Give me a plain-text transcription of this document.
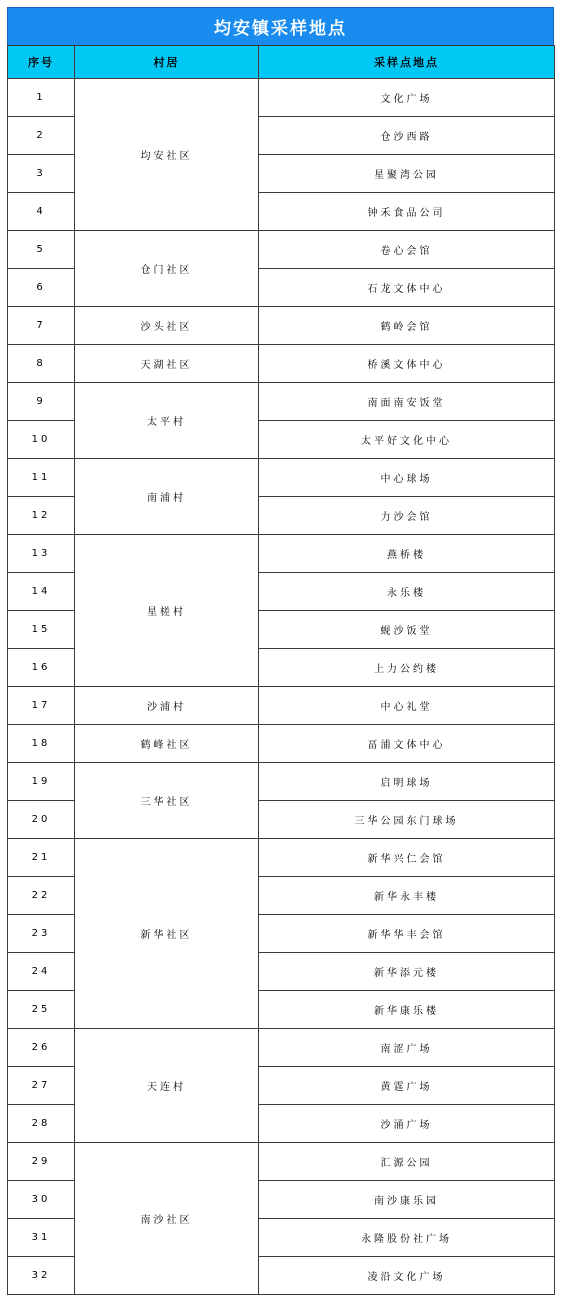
均安镇采样地点
序号	村居	采样点地点
1	均安社区	文化广场
2		仓沙西路
3		星聚湾公园
4		钟禾食品公司
5	仓门社区	卷心会馆
6		石龙文体中心
7	沙头社区	鹤岭会馆
8	天湖社区	桥溪文体中心
9	太平村	南面南安饭堂
10		太平好文化中心
11	南浦村	中心球场
12		力沙会馆
13	星槎村	燕桥楼
14		永乐楼
15		蚬沙饭堂
16		上力公约楼
17	沙浦村	中心礼堂
18	鹤峰社区	畐浦文体中心
19	三华社区	启明球场
20		三华公园东门球场
21	新华社区	新华兴仁会馆
22		新华永丰楼
23		新华华丰会馆
24		新华添元楼
25		新华康乐楼
26	天连村	南涩广场
27		黄霆广场
28		沙涌广场
29	南沙社区	汇源公园
30		南沙康乐园
31		永隆股份社广场
32		凌沿文化广场
